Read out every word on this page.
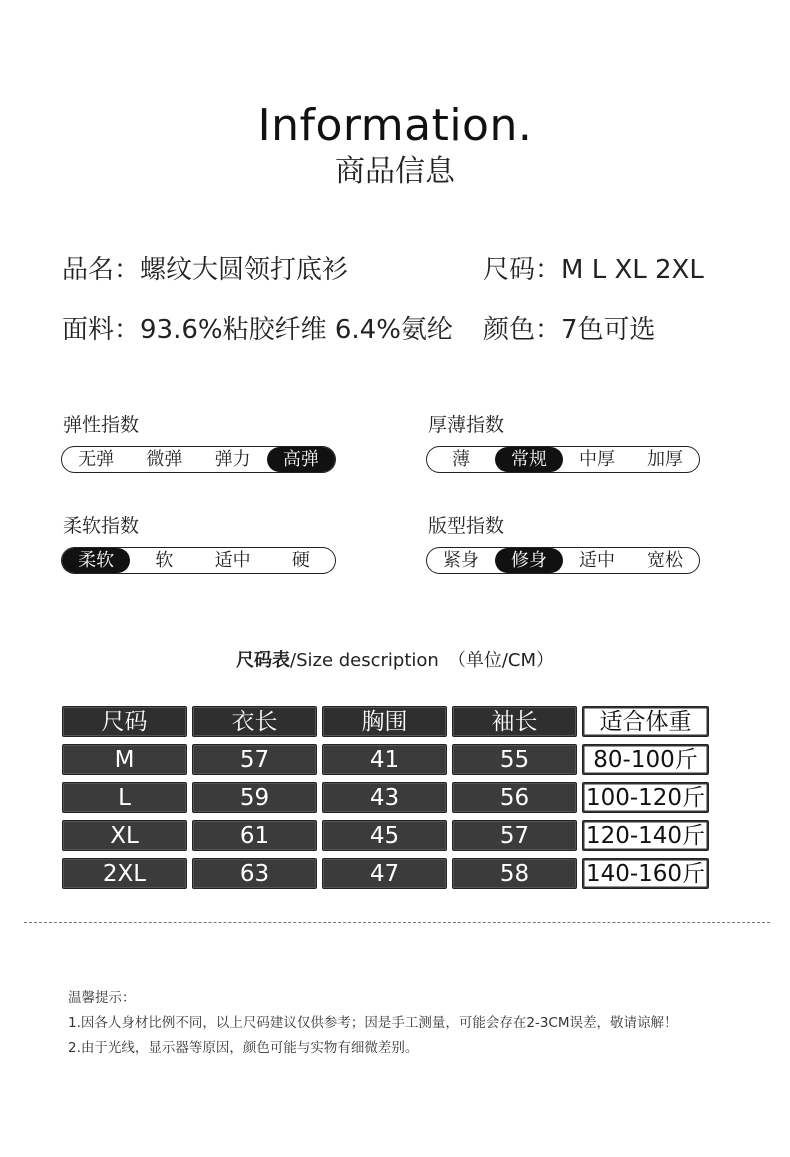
Information.
商品信息
品名：螺纹大圆领打底衫	尺码：M L XL 2XL
面料：93.6%粘胶纤维 6.4%氨纶 颜色：7色可选
弹性指数
无弹	微弹	弹力	高弹
厚薄指数
薄	常规	中厚	加厚
柔软指数
柔软	软	适中	硬
版型指数
紧身	修身	适中	宽松
尺码表/Size description　（单位/CM）
尺码	衣长	胸围	袖长	适合体重
M	57	41	55	80-100斤
L	59	43	56	100-120斤
XL	61	45	57	120-140斤
2XL	63	47	58	140-160斤
温馨提示：
1.因各人身材比例不同，以上尺码建议仅供参考；因是手工测量，可能会存在2-3CM误差，敬请谅解！
2.由于光线，显示器等原因，颜色可能与实物有细微差别。
